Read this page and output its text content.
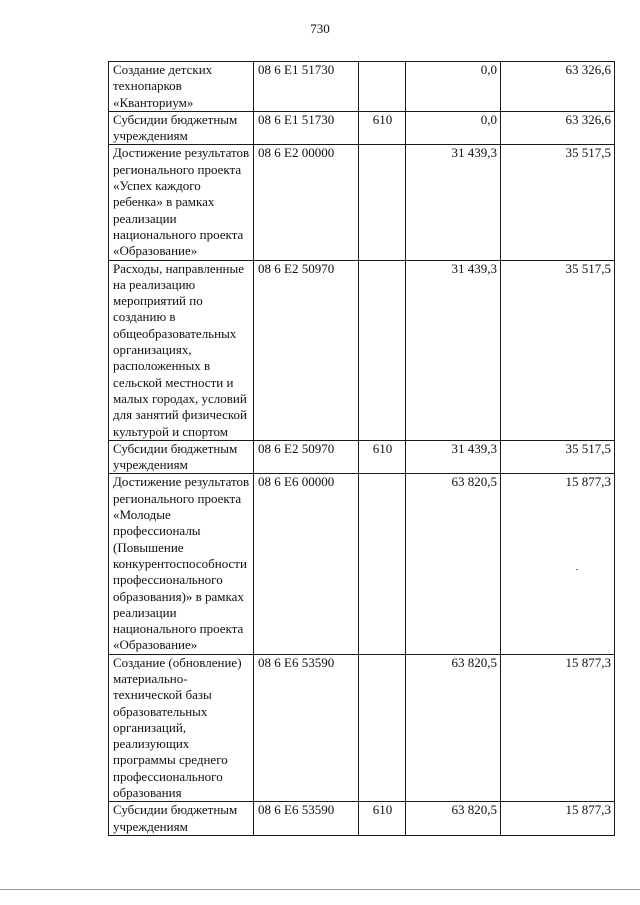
730
Создание детских технопарков «Кванториум»	08 6 E1 51730		0,0	63 326,6
Субсидии бюджетным учреждениям	08 6 E1 51730	610	0,0	63 326,6
Достижение результатов регионального проекта «Успех каждого ребенка» в рамках реализации национального проекта «Образование»	08 6 E2 00000		31 439,3	35 517,5
Расходы, направленные на реализацию мероприятий по созданию в общеобразовательных организациях, расположенных в сельской местности и малых городах, условий для занятий физической культурой и спортом	08 6 E2 50970		31 439,3	35 517,5
Субсидии бюджетным учреждениям	08 6 E2 50970	610	31 439,3	35 517,5
Достижение результатов регионального проекта «Молодые профессионалы (Повышение конкурентоспособности профессионального образования)» в рамках реализации национального проекта «Образование»	08 6 E6 00000		63 820,5	15 877,3
Создание (обновление) материально-технической базы образовательных организаций, реализующих программы среднего профессионального образования	08 6 E6 53590		63 820,5	15 877,3
Субсидии бюджетным учреждениям	08 6 E6 53590	610	63 820,5	15 877,3
